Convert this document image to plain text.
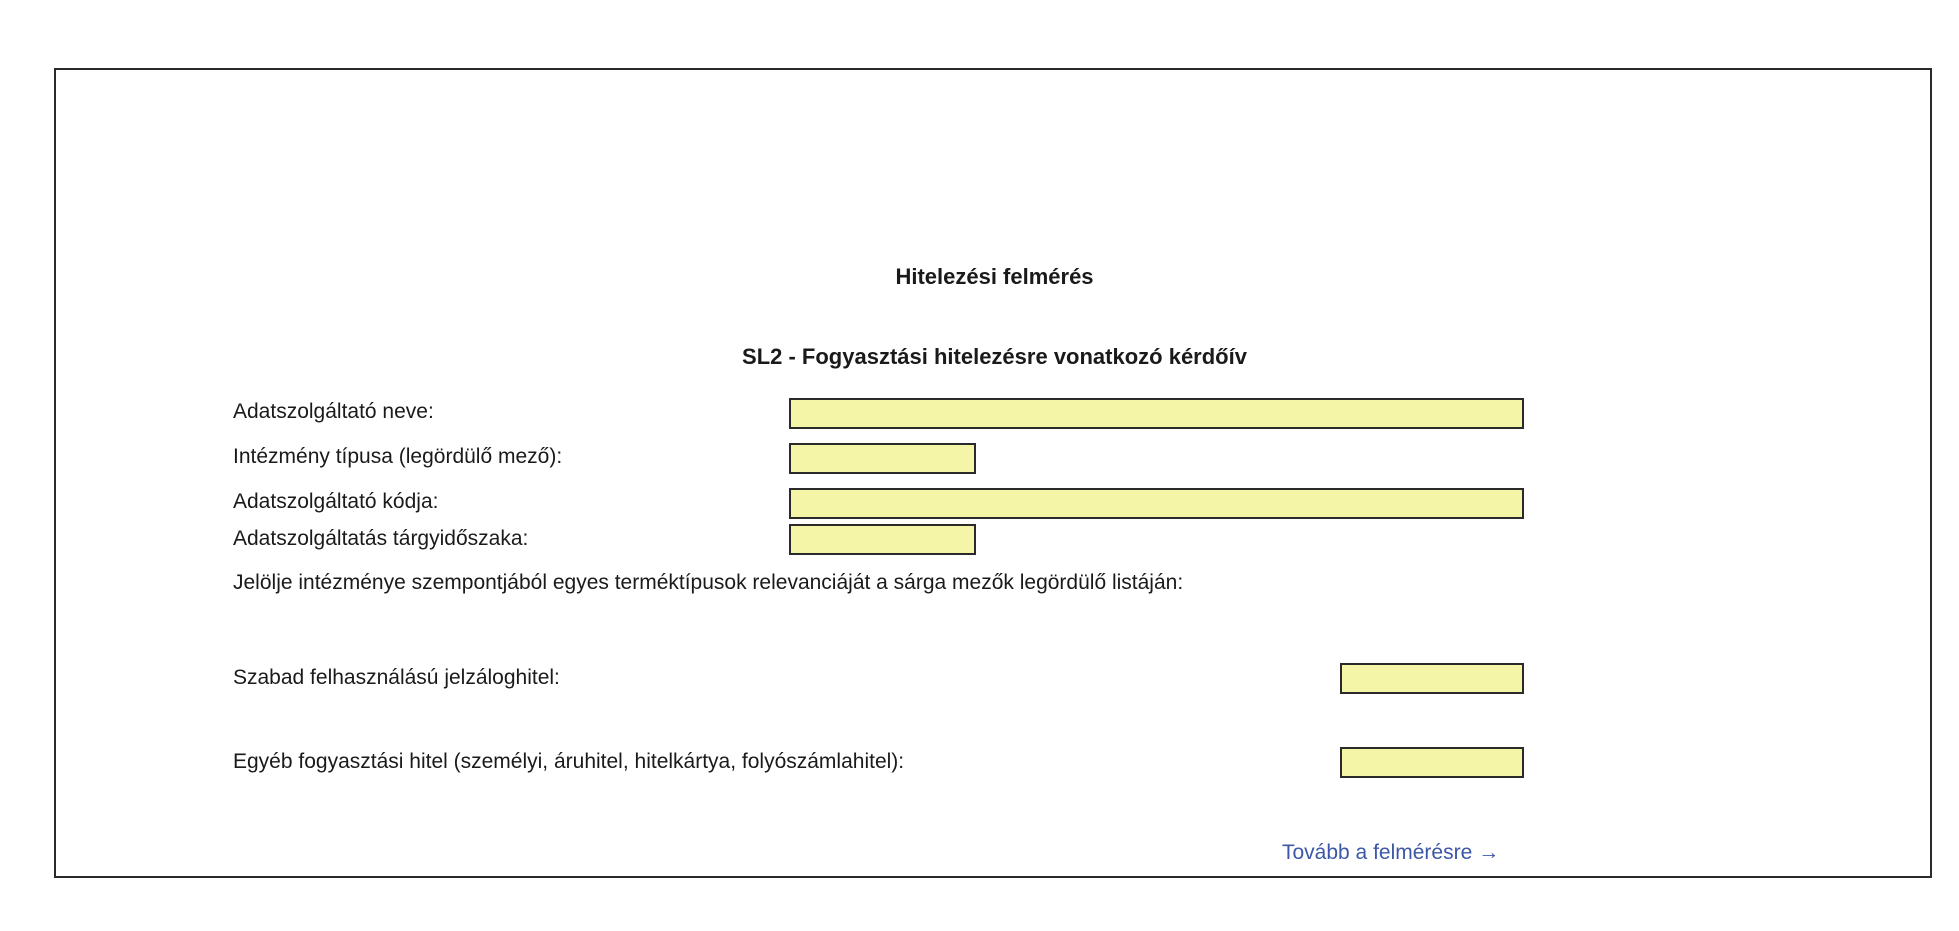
Hitelezési felmérés
SL2 - Fogyasztási hitelezésre vonatkozó kérdőív
Adatszolgáltató neve:
Intézmény típusa (legördülő mező):
Adatszolgáltató kódja:
Adatszolgáltatás tárgyidőszaka:
Jelölje intézménye szempontjából egyes terméktípusok relevanciáját a sárga mezők legördülő listáján:
Szabad felhasználású jelzáloghitel:
Egyéb fogyasztási hitel (személyi, áruhitel, hitelkártya, folyószámlahitel):
Tovább a felmérésre →
